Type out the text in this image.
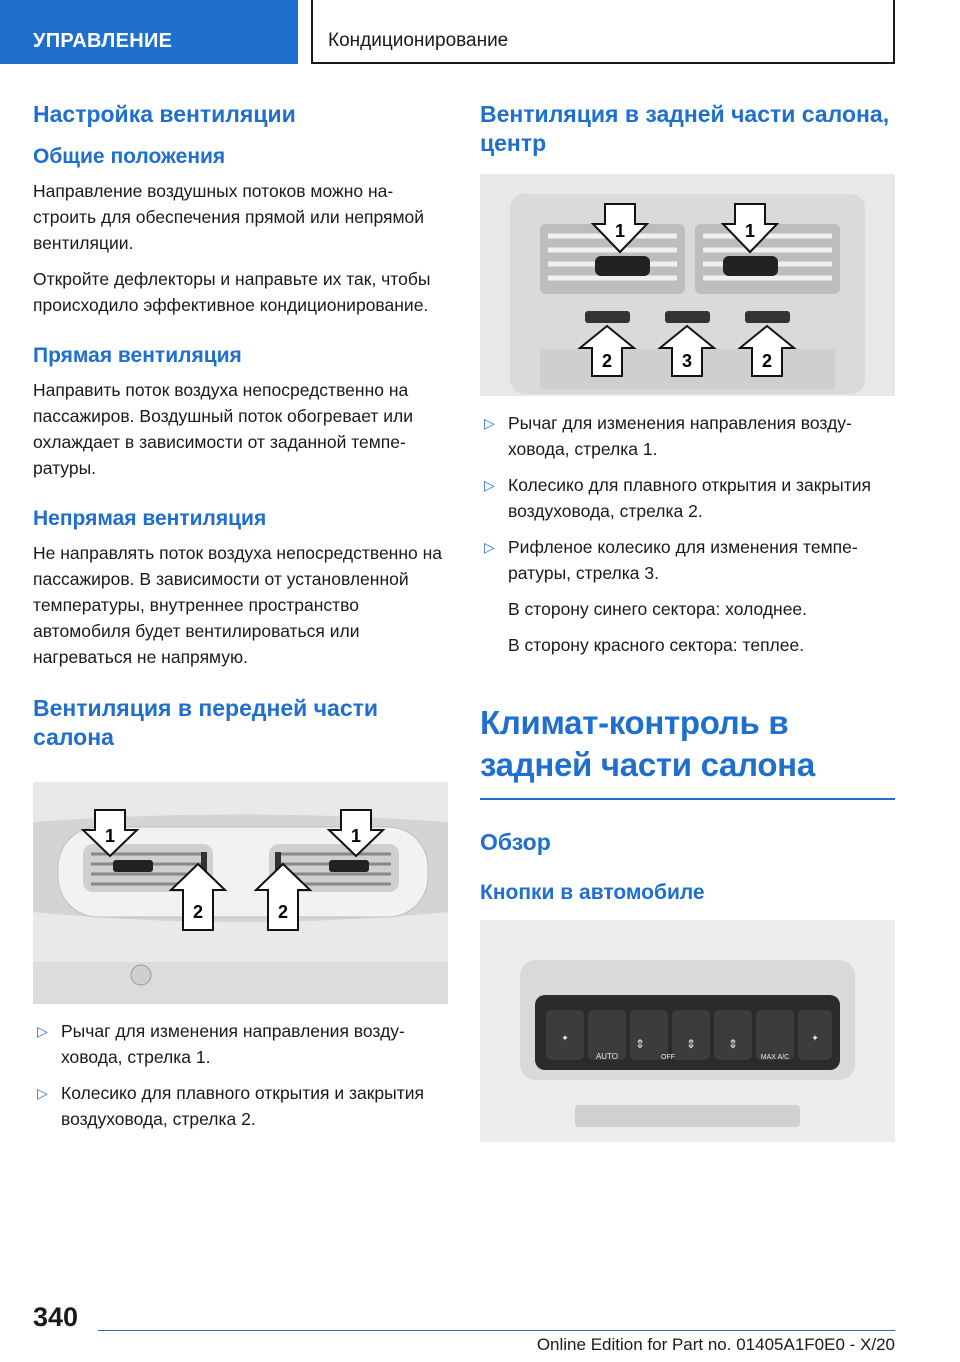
УПРАВЛЕНИЕ	Кондиционирование
Настройка вентиляции
Общие положения

Направление воздушных потоков можно настроить для обеспечения прямой или непрямой вентиляции.

Откройте дефлекторы и направьте их так, чтобы происходило эффективное кондиционирование.

Прямая вентиляция

Направить поток воздуха непосредственно на пассажиров. Воздушный поток обогревает или охлаждает в зависимости от заданной температуры.

Непрямая вентиляция

Не направлять поток воздуха непосредственно на пассажиров. В зависимости от установленной температуры, внутреннее пространство автомобиля будет вентилироваться или нагреваться не напрямую.

Вентиляция в передней части салона
1	1
2	2
▷ Рычаг для изменения направления воздуховода, стрелка 1.
▷ Колесико для плавного открытия и закрытия воздуховода, стрелка 2.
Вентиляция в задней части салона, центр
1	1
2	3	2
▷ Рычаг для изменения направления воздуховода, стрелка 1.
▷ Колесико для плавного открытия и закрытия воздуховода, стрелка 2.
▷ Рифленое колесико для изменения температуры, стрелка 3.

В сторону синего сектора: холоднее.

В сторону красного сектора: теплее.

Климат-контроль в задней части салона
Обзор
Кнопки в автомобиле
✦
AUTO
⇕
OFF
⇕	⇕
MAX A/C
✦
340
Online Edition for Part no. 01405A1F0E0 - X/20
